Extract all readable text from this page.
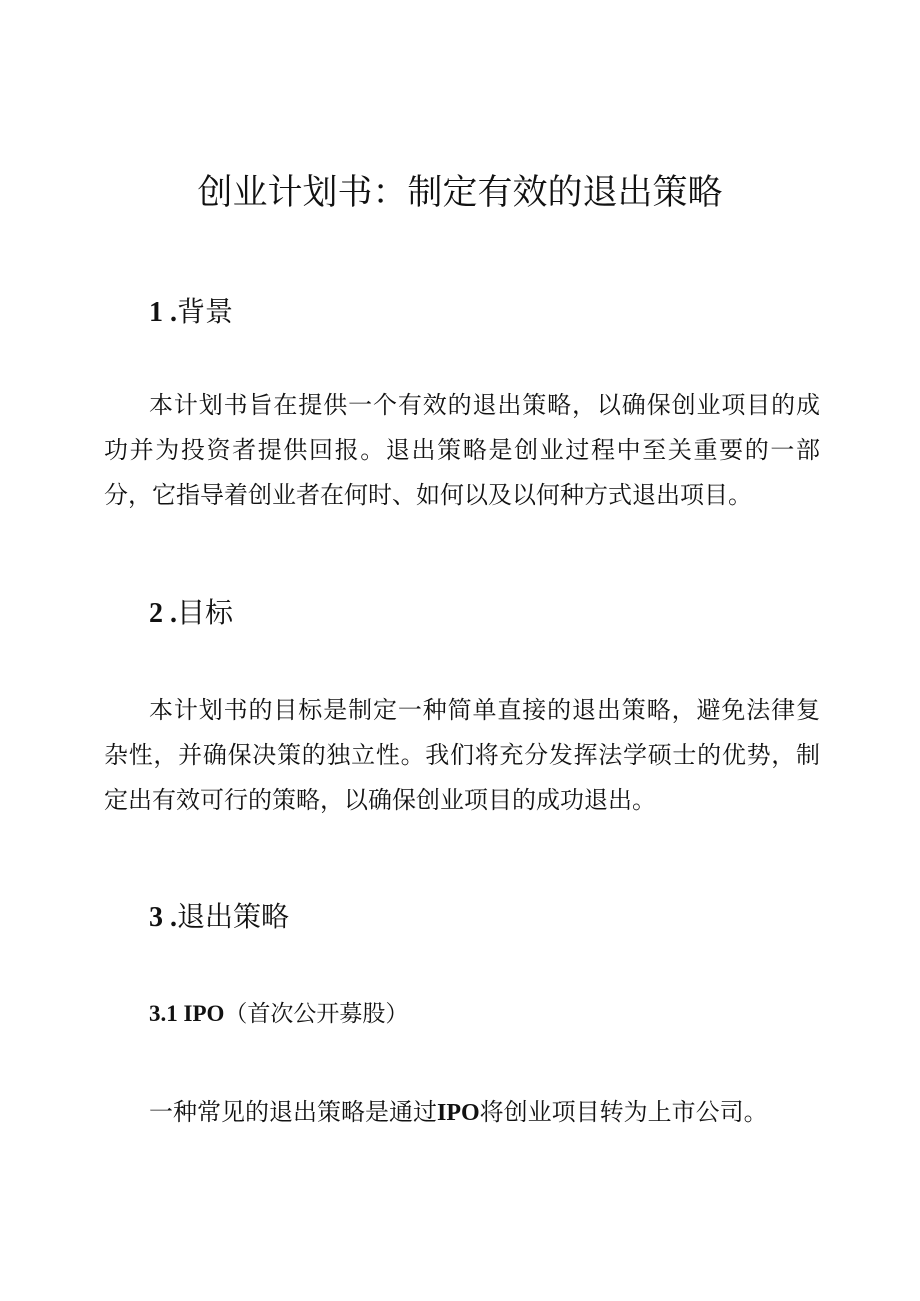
创业计划书：制定有效的退出策略
1 .背景

本计划书旨在提供一个有效的退出策略，以确保创业项目的成功并为投资者提供回报。退出策略是创业过程中至关重要的一部分，它指导着创业者在何时、如何以及以何种方式退出项目。

2 .目标

本计划书的目标是制定一种简单直接的退出策略，避免法律复杂性，并确保决策的独立性。我们将充分发挥法学硕士的优势，制定出有效可行的策略，以确保创业项目的成功退出。

3 .退出策略
3.1 IPO（首次公开募股）

一种常见的退出策略是通过IPO将创业项目转为上市公司。
